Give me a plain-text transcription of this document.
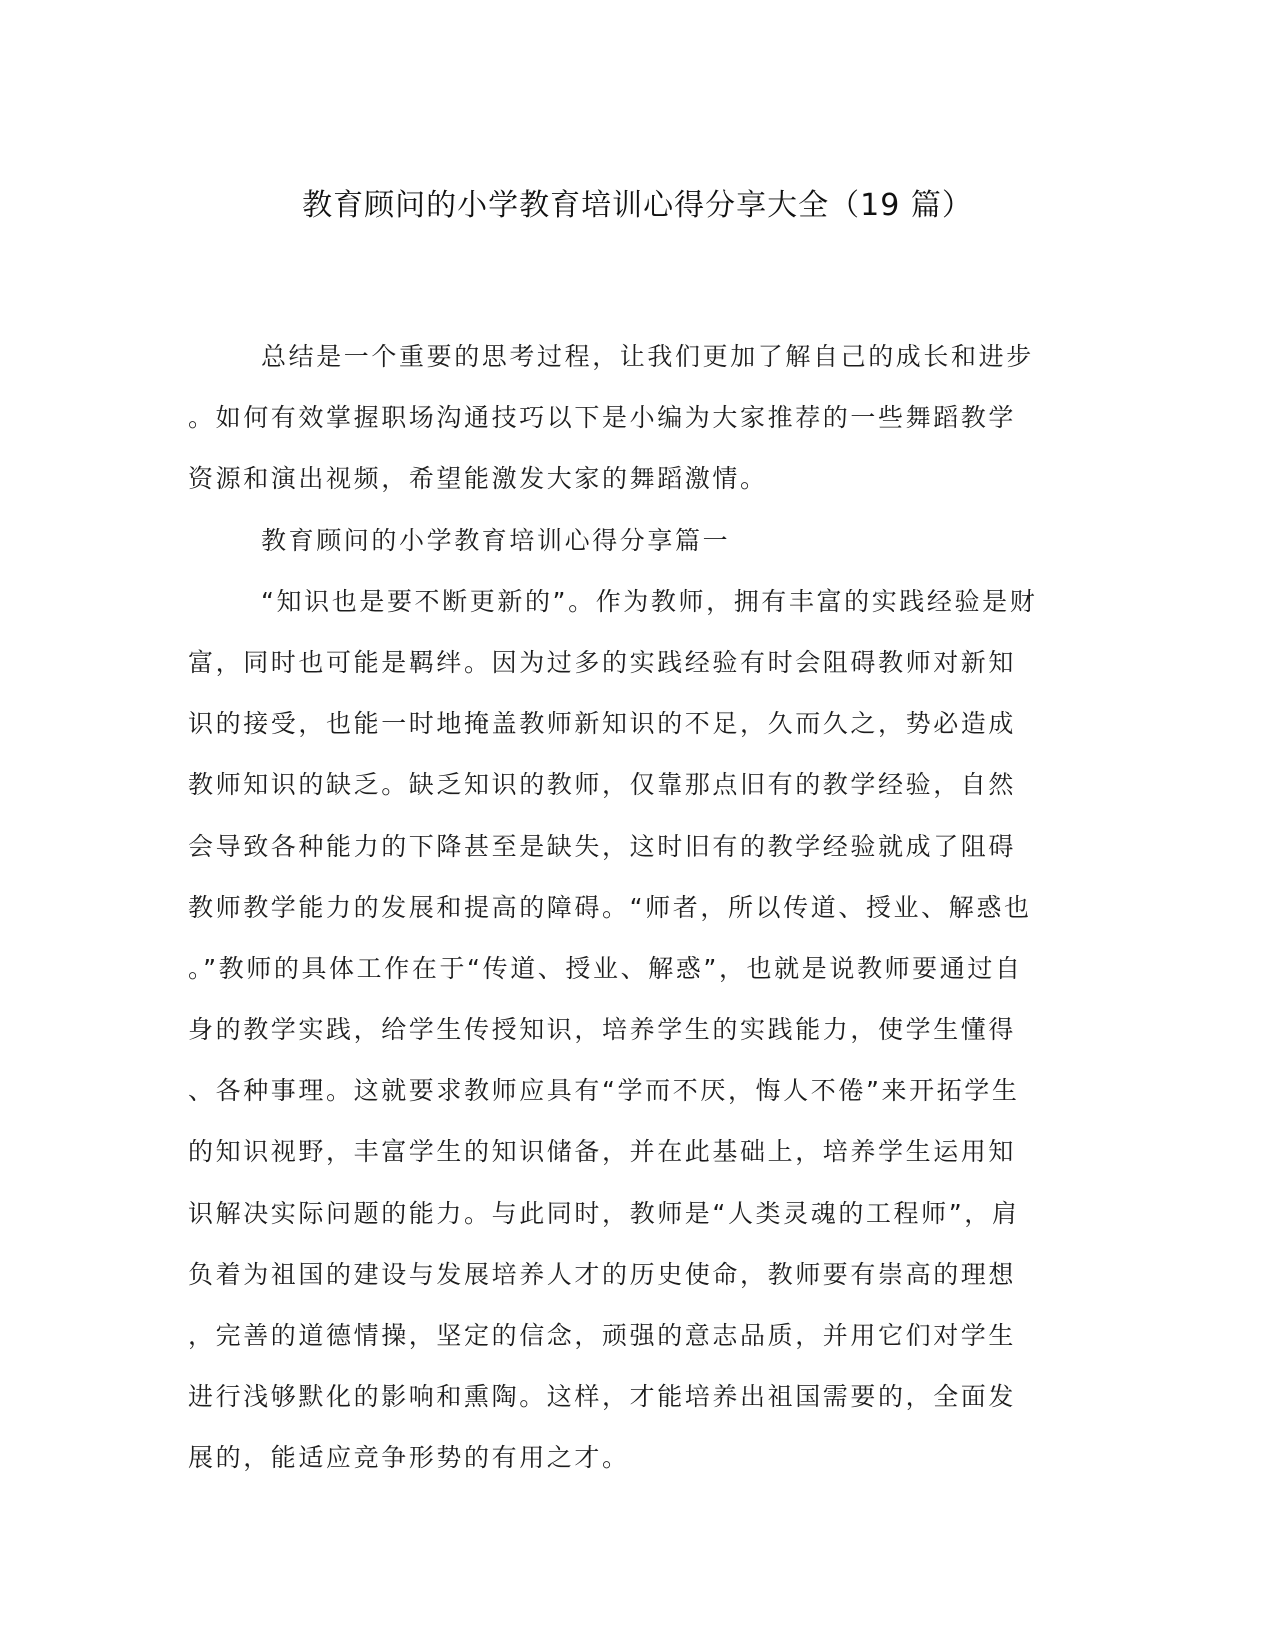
教育顾问的小学教育培训心得分享大全（19 篇）
总结是一个重要的思考过程，让我们更加了解自己的成长和进步
。如何有效掌握职场沟通技巧以下是小编为大家推荐的一些舞蹈教学
资源和演出视频，希望能激发大家的舞蹈激情。
教育顾问的小学教育培训心得分享篇一
“知识也是要不断更新的”。作为教师，拥有丰富的实践经验是财
富，同时也可能是羁绊。因为过多的实践经验有时会阻碍教师对新知
识的接受，也能一时地掩盖教师新知识的不足，久而久之，势必造成
教师知识的缺乏。缺乏知识的教师，仅靠那点旧有的教学经验，自然
会导致各种能力的下降甚至是缺失，这时旧有的教学经验就成了阻碍
教师教学能力的发展和提高的障碍。“师者，所以传道、授业、解惑也
。”教师的具体工作在于“传道、授业、解惑”，也就是说教师要通过自
身的教学实践，给学生传授知识，培养学生的实践能力，使学生懂得
、各种事理。这就要求教师应具有“学而不厌，悔人不倦”来开拓学生
的知识视野，丰富学生的知识储备，并在此基础上，培养学生运用知
识解决实际问题的能力。与此同时，教师是“人类灵魂的工程师”，肩
负着为祖国的建设与发展培养人才的历史使命，教师要有崇高的理想
，完善的道德情操，坚定的信念，顽强的意志品质，并用它们对学生
进行浅够默化的影响和熏陶。这样，才能培养出祖国需要的，全面发
展的，能适应竞争形势的有用之才。
